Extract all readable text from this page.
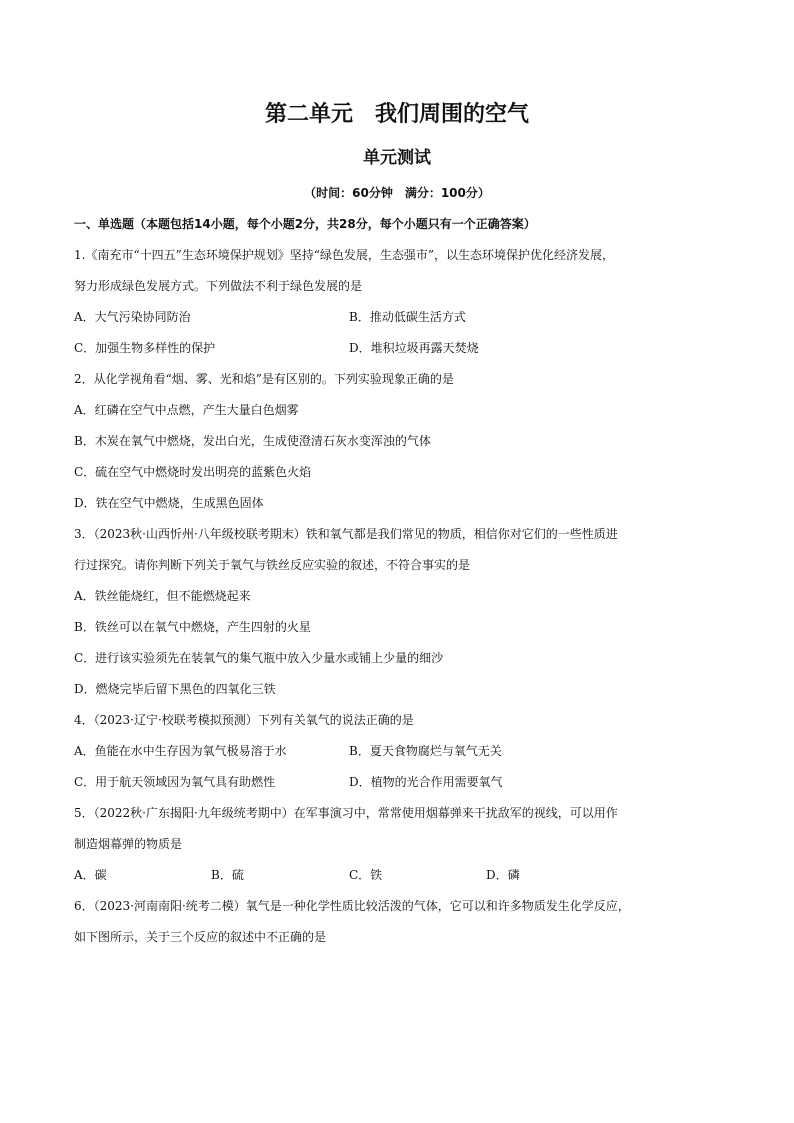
第二单元 我们周围的空气
单元测试
（时间：60分钟　满分：100分）
一、单选题（本题包括14小题，每个小题2分，共28分，每个小题只有一个正确答案）
1.《南充市“十四五”生态环境保护规划》坚持“绿色发展，生态强市”，以生态环境保护优化经济发展，
努力形成绿色发展方式。下列做法不利于绿色发展的是
A．大气污染协同防治	B．推动低碳生活方式
C．加强生物多样性的保护	D．堆积垃圾再露天焚烧
2．从化学视角看“烟、雾、光和焰”是有区别的。下列实验现象正确的是
A．红磷在空气中点燃，产生大量白色烟雾
B．木炭在氧气中燃烧，发出白光，生成使澄清石灰水变浑浊的气体
C．硫在空气中燃烧时发出明亮的蓝紫色火焰
D．铁在空气中燃烧，生成黑色固体
3．（2023秋·山西忻州·八年级校联考期末）铁和氧气都是我们常见的物质，相信你对它们的一些性质进
行过探究。请你判断下列关于氧气与铁丝反应实验的叙述，不符合事实的是
A．铁丝能烧红，但不能燃烧起来
B．铁丝可以在氧气中燃烧，产生四射的火星
C．进行该实验须先在装氧气的集气瓶中放入少量水或铺上少量的细沙
D．燃烧完毕后留下黑色的四氧化三铁
4．（2023·辽宁·校联考模拟预测）下列有关氧气的说法正确的是
A．鱼能在水中生存因为氧气极易溶于水	B．夏天食物腐烂与氧气无关
C．用于航天领域因为氧气具有助燃性	D．植物的光合作用需要氧气
5．（2022秋·广东揭阳·九年级统考期中）在军事演习中，常常使用烟幕弹来干扰敌军的视线，可以用作
制造烟幕弹的物质是
A．碳	B．硫	C．铁	D．磷
6．（2023·河南南阳·统考二模）氧气是一种化学性质比较活泼的气体，它可以和许多物质发生化学反应，
如下图所示，关于三个反应的叙述中不正确的是
